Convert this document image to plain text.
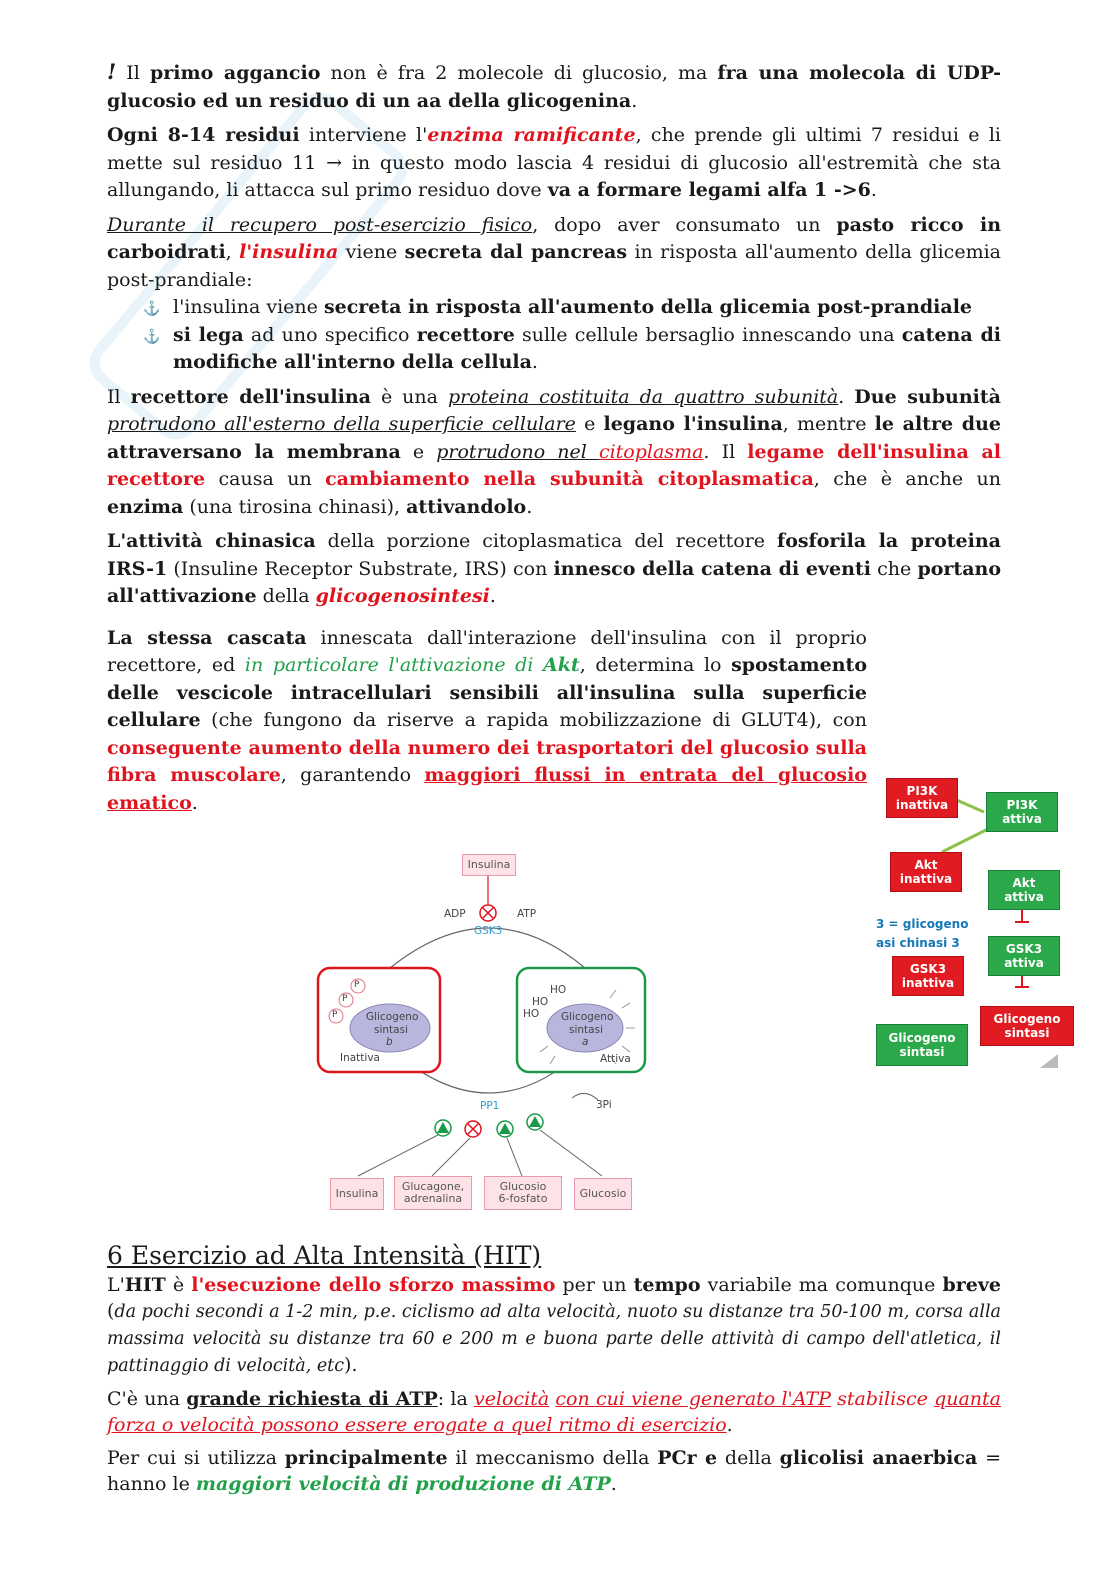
! Il primo aggancio non è fra 2 molecole di glucosio, ma fra una molecola di UDP-glucosio ed un residuo di un aa della glicogenina.

Ogni 8-14 residui interviene l'enzima ramificante, che prende gli ultimi 7 residui e li mette sul residuo 11 → in questo modo lascia 4 residui di glucosio all'estremità che sta allungando, li attacca sul primo residuo dove va a formare legami alfa 1 ->6.

Durante il recupero post-esercizio fisico, dopo aver consumato un pasto ricco in carboidrati, l'insulina viene secreta dal pancreas in risposta all'aumento della glicemia post-prandiale:

⚓ l'insulina viene secreta in risposta all'aumento della glicemia post-prandiale
⚓ si lega ad uno specifico recettore sulle cellule bersaglio innescando una catena di modifiche all'interno della cellula.

Il recettore dell'insulina è una proteina costituita da quattro subunità. Due subunità protrudono all'esterno della superficie cellulare e legano l'insulina, mentre le altre due attraversano la membrana e protrudono nel citoplasma. Il legame dell'insulina al recettore causa un cambiamento nella subunità citoplasmatica, che è anche un enzima (una tirosina chinasi), attivandolo.

L'attività chinasica della porzione citoplasmatica del recettore fosforila la proteina IRS-1 (Insuline Receptor Substrate, IRS) con innesco della catena di eventi che portano all'attivazione della glicogenosintesi.

La stessa cascata innescata dall'interazione dell'insulina con il proprio recettore, ed in particolare l'attivazione di Akt, determina lo spostamento delle vescicole intracellulari sensibili all'insulina sulla superficie cellulare (che fungono da riserve a rapida mobilizzazione di GLUT4), con conseguente aumento della numero dei trasportatori del glucosio sulla fibra muscolare, garantendo maggiori flussi in entrata del glucosio ematico.

Insulina
ADP	ATP
GSK3
P
P
P
HO
HO
HO
Glicogeno
sintasi
b
Glicogeno
sintasi
a
Inattiva	Attiva
PP1	3Pi
Insulina
Glucagone,
adrenalina
Glucosio
6-fosfato	Glucosio
PI3K
inattiva	PI3K
attiva
Akt
inattiva	Akt
attiva
3 = glicogeno
asi chinasi 3	GSK3
attiva
GSK3
inattiva
Glicogeno
sintasi
Glicogeno
sintasi
6 Esercizio ad Alta Intensità (HIT)

L'HIT è l'esecuzione dello sforzo massimo per un tempo variabile ma comunque breve (da pochi secondi a 1-2 min, p.e. ciclismo ad alta velocità, nuoto su distanze tra 50-100 m, corsa alla massima velocità su distanze tra 60 e 200 m e buona parte delle attività di campo dell'atletica, il pattinaggio di velocità, etc).

C'è una grande richiesta di ATP: la velocità con cui viene generato l'ATP stabilisce quanta forza o velocità possono essere erogate a quel ritmo di esercizio.

Per cui si utilizza principalmente il meccanismo della PCr e della glicolisi anaerbica = hanno le maggiori velocità di produzione di ATP.
